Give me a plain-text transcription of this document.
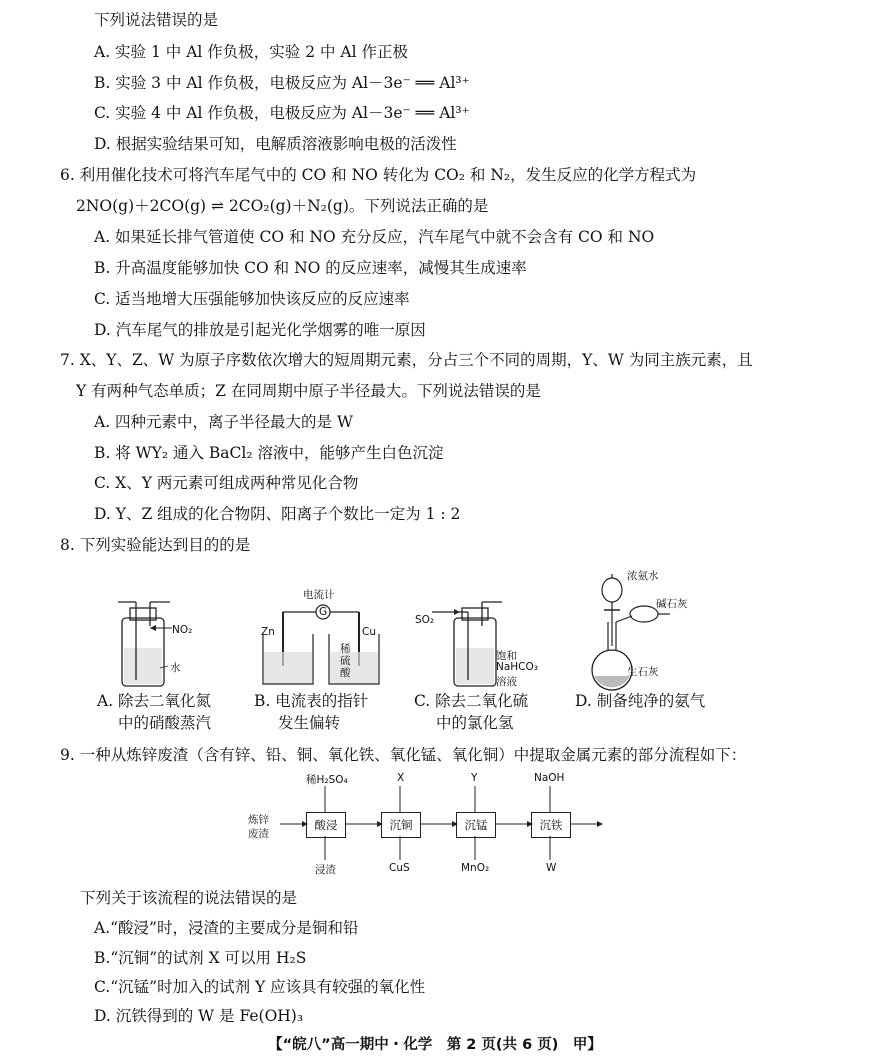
下列说法错误的是
A. 实验 1 中 Al 作负极，实验 2 中 Al 作正极
B. 实验 3 中 Al 作负极，电极反应为 Al－3e⁻ ══ Al³⁺
C. 实验 4 中 Al 作负极，电极反应为 Al－3e⁻ ══ Al³⁺
D. 根据实验结果可知，电解质溶液影响电极的活泼性
6. 利用催化技术可将汽车尾气中的 CO 和 NO 转化为 CO₂ 和 N₂，发生反应的化学方程式为
2NO(g)＋2CO(g) ⇌ 2CO₂(g)＋N₂(g)。下列说法正确的是
A. 如果延长排气管道使 CO 和 NO 充分反应，汽车尾气中就不会含有 CO 和 NO
B. 升高温度能够加快 CO 和 NO 的反应速率，减慢其生成速率
C. 适当地增大压强能够加快该反应的反应速率
D. 汽车尾气的排放是引起光化学烟雾的唯一原因
7. X、Y、Z、W 为原子序数依次增大的短周期元素，分占三个不同的周期，Y、W 为同主族元素，且
Y 有两种气态单质；Z 在同周期中原子半径最大。下列说法错误的是
A. 四种元素中，离子半径最大的是 W
B. 将 WY₂ 通入 BaCl₂ 溶液中，能够产生白色沉淀
C. X、Y 两元素可组成两种常见化合物
D. Y、Z 组成的化合物阴、阳离子个数比一定为 1 : 2
8. 下列实验能达到目的的是
NO₂
水
A. 除去二氧化氮
中的硝酸蒸汽
电流计
G
Zn	Cu
稀
硫
酸
B. 电流表的指针
发生偏转
SO₂
饱和
NaHCO₃
溶液
C. 除去二氧化硫
中的氯化氢
浓氨水
碱石灰
生石灰
D. 制备纯净的氨气
9. 一种从炼锌废渣（含有锌、铅、铜、氧化铁、氧化锰、氧化铜）中提取金属元素的部分流程如下：
炼锌
废渣
酸浸	沉铜	沉锰	沉铁
稀H₂SO₄	X	Y	NaOH
浸渣	CuS	MnO₂	W
下列关于该流程的说法错误的是
A.“酸浸”时，浸渣的主要成分是铜和铅
B.“沉铜”的试剂 X 可以用 H₂S
C.“沉锰”时加入的试剂 Y 应该具有较强的氧化性
D. 沉铁得到的 W 是 Fe(OH)₃
【“皖八”高一期中・化学　第 2 页(共 6 页)　甲】
